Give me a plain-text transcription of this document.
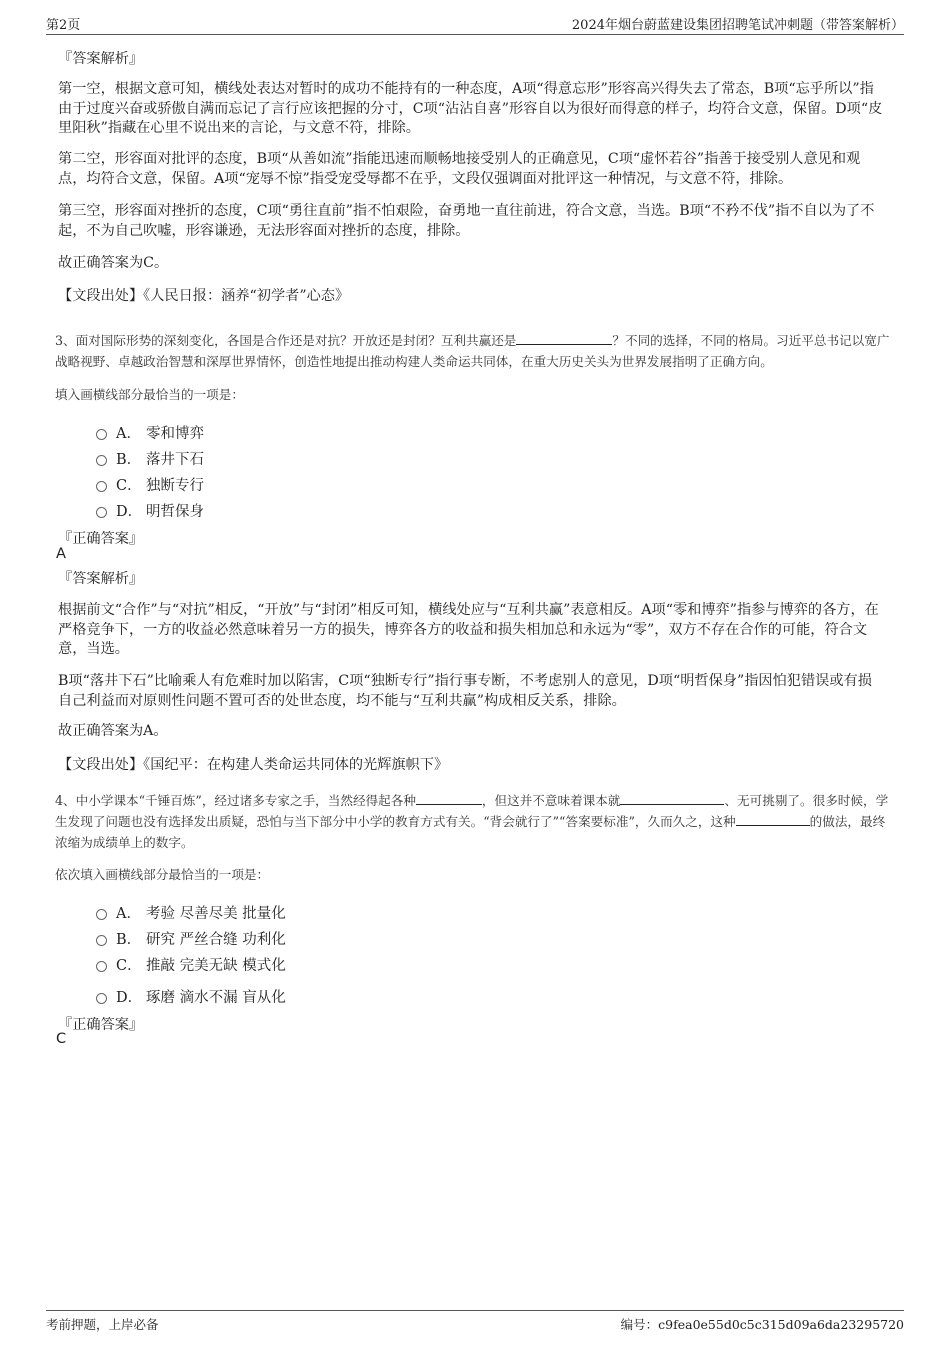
第2页	2024年烟台蔚蓝建设集团招聘笔试冲刺题（带答案解析）
『答案解析』
第一空，根据文意可知，横线处表达对暂时的成功不能持有的一种态度，A项“得意忘形”形容高兴得失去了常态，B项“忘乎所以”指由于过度兴奋或骄傲自满而忘记了言行应该把握的分寸，C项“沾沾自喜”形容自以为很好而得意的样子，均符合文意，保留。D项“皮里阳秋”指藏在心里不说出来的言论，与文意不符，排除。
第二空，形容面对批评的态度，B项“从善如流”指能迅速而顺畅地接受别人的正确意见，C项“虚怀若谷”指善于接受别人意见和观点，均符合文意，保留。A项“宠辱不惊”指受宠受辱都不在乎，文段仅强调面对批评这一种情况，与文意不符，排除。
第三空，形容面对挫折的态度，C项“勇往直前”指不怕艰险，奋勇地一直往前进，符合文意，当选。B项“不矜不伐”指不自以为了不起，不为自己吹嘘，形容谦逊，无法形容面对挫折的态度，排除。
故正确答案为C。
【文段出处】《人民日报：涵养“初学者”心态》
3、面对国际形势的深刻变化，各国是合作还是对抗？开放还是封闭？互利共赢还是	？不同的选择，不同的格局。习近平总书记以宽广战略视野、卓越政治智慧和深厚世界情怀，创造性地提出推动构建人类命运共同体，在重大历史关头为世界发展指明了正确方向。
填入画横线部分最恰当的一项是：
A． 零和博弈
B． 落井下石
C． 独断专行
D． 明哲保身
『正确答案』
A
『答案解析』
根据前文“合作”与“对抗”相反，“开放”与“封闭”相反可知，横线处应与“互利共赢”表意相反。A项“零和博弈”指参与博弈的各方，在严格竞争下，一方的收益必然意味着另一方的损失，博弈各方的收益和损失相加总和永远为“零”，双方不存在合作的可能，符合文意，当选。
B项“落井下石”比喻乘人有危难时加以陷害，C项“独断专行”指行事专断，不考虑别人的意见，D项“明哲保身”指因怕犯错误或有损自己利益而对原则性问题不置可否的处世态度，均不能与“互利共赢”构成相反关系，排除。
故正确答案为A。
【文段出处】《国纪平：在构建人类命运共同体的光辉旗帜下》
4、中小学课本“千锤百炼”，经过诸多专家之手，当然经得起各种	，但这并不意味着课本就	、无可挑剔了。很多时候，学生发现了问题也没有选择发出质疑，恐怕与当下部分中小学的教育方式有关。“背会就行了”“答案要标准”，久而久之，这种	的做法，最终浓缩为成绩单上的数字。
依次填入画横线部分最恰当的一项是：
A． 考验 尽善尽美 批量化
B． 研究 严丝合缝 功利化
C． 推敲 完美无缺 模式化
D． 琢磨 滴水不漏 盲从化
『正确答案』
C
考前押题，上岸必备	编号：c9fea0e55d0c5c315d09a6da23295720
